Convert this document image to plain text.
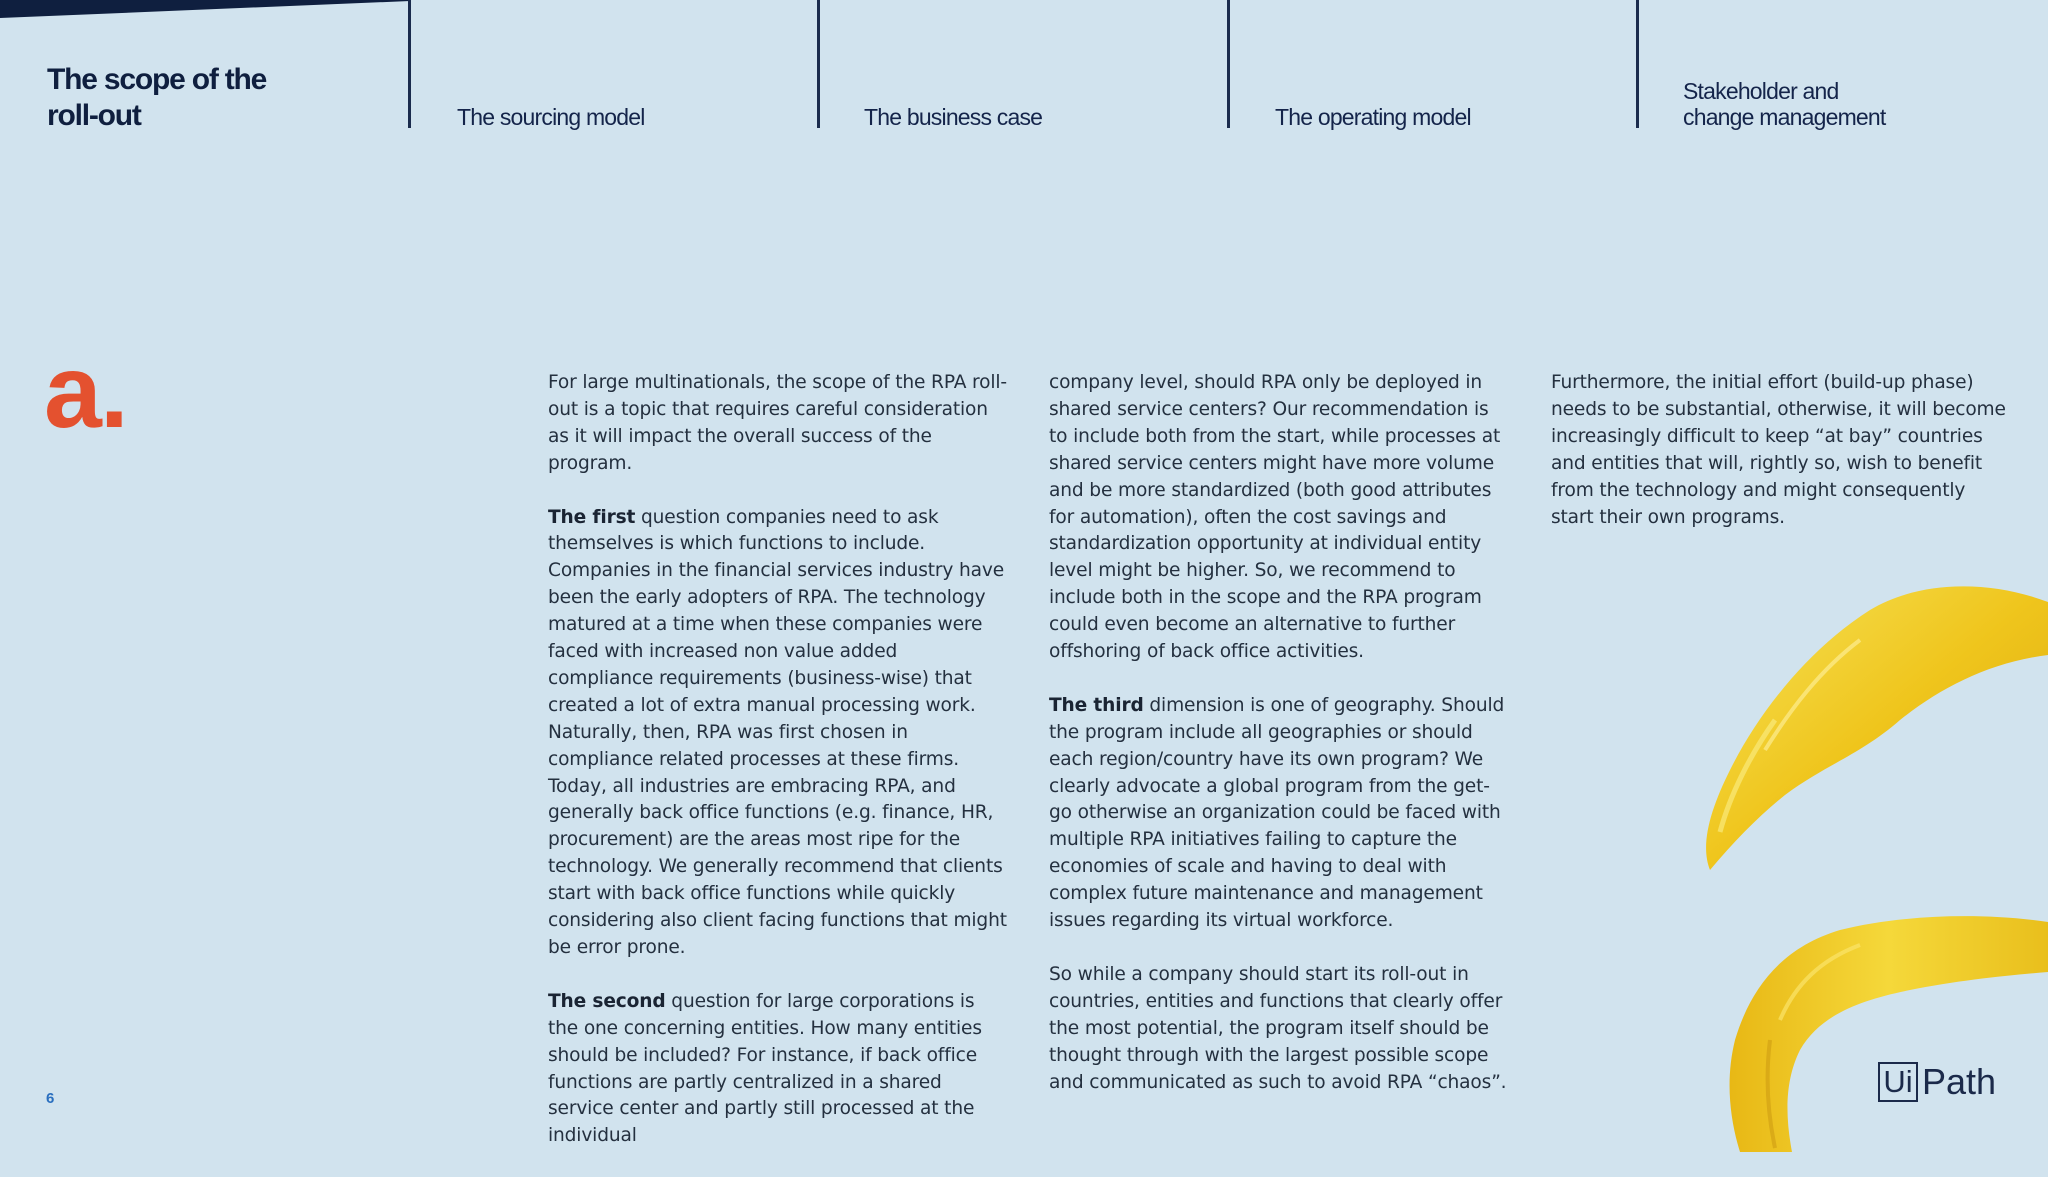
The scope of the
roll-out	The sourcing model	The business case	The operating model
Stakeholder and
change management
a.	For large multinationals, the scope of the RPA roll-out is a topic that requires careful consideration as it will impact the overall success of the program.

The first question companies need to ask themselves is which functions to include. Companies in the financial services industry have been the early adopters of RPA. The technology matured at a time when these companies were faced with increased non value added compliance requirements (business-wise) that created a lot of extra manual processing work. Naturally, then, RPA was first chosen in compliance related processes at these firms. Today, all industries are embracing RPA, and generally back office functions (e.g. finance, HR, procurement) are the areas most ripe for the technology. We generally recommend that clients start with back office functions while quickly considering also client facing functions that might be error prone.

The second question for large corporations is the one concerning entities. How many entities should be included? For instance, if back office functions are partly centralized in a shared service center and partly still processed at the individual

company level, should RPA only be deployed in shared service centers? Our recommendation is to include both from the start, while processes at shared service centers might have more volume and be more standardized (both good attributes for automation), often the cost savings and standardization opportunity at individual entity level might be higher. So, we recommend to include both in the scope and the RPA program could even become an alternative to further offshoring of back office activities.

The third dimension is one of geography. Should the program include all geographies or should each region/country have its own program? We clearly advocate a global program from the get-go otherwise an organization could be faced with multiple RPA initiatives failing to capture the economies of scale and having to deal with complex future maintenance and management issues regarding its virtual workforce.

So while a company should start its roll-out in countries, entities and functions that clearly offer the most potential, the program itself should be thought through with the largest possible scope and communicated as such to avoid RPA “chaos”.

Furthermore, the initial effort (build-up phase) needs to be substantial, otherwise, it will become increasingly difficult to keep “at bay” countries and entities that will, rightly so, wish to benefit from the technology and might consequently start their own programs.

Ui Path
6
